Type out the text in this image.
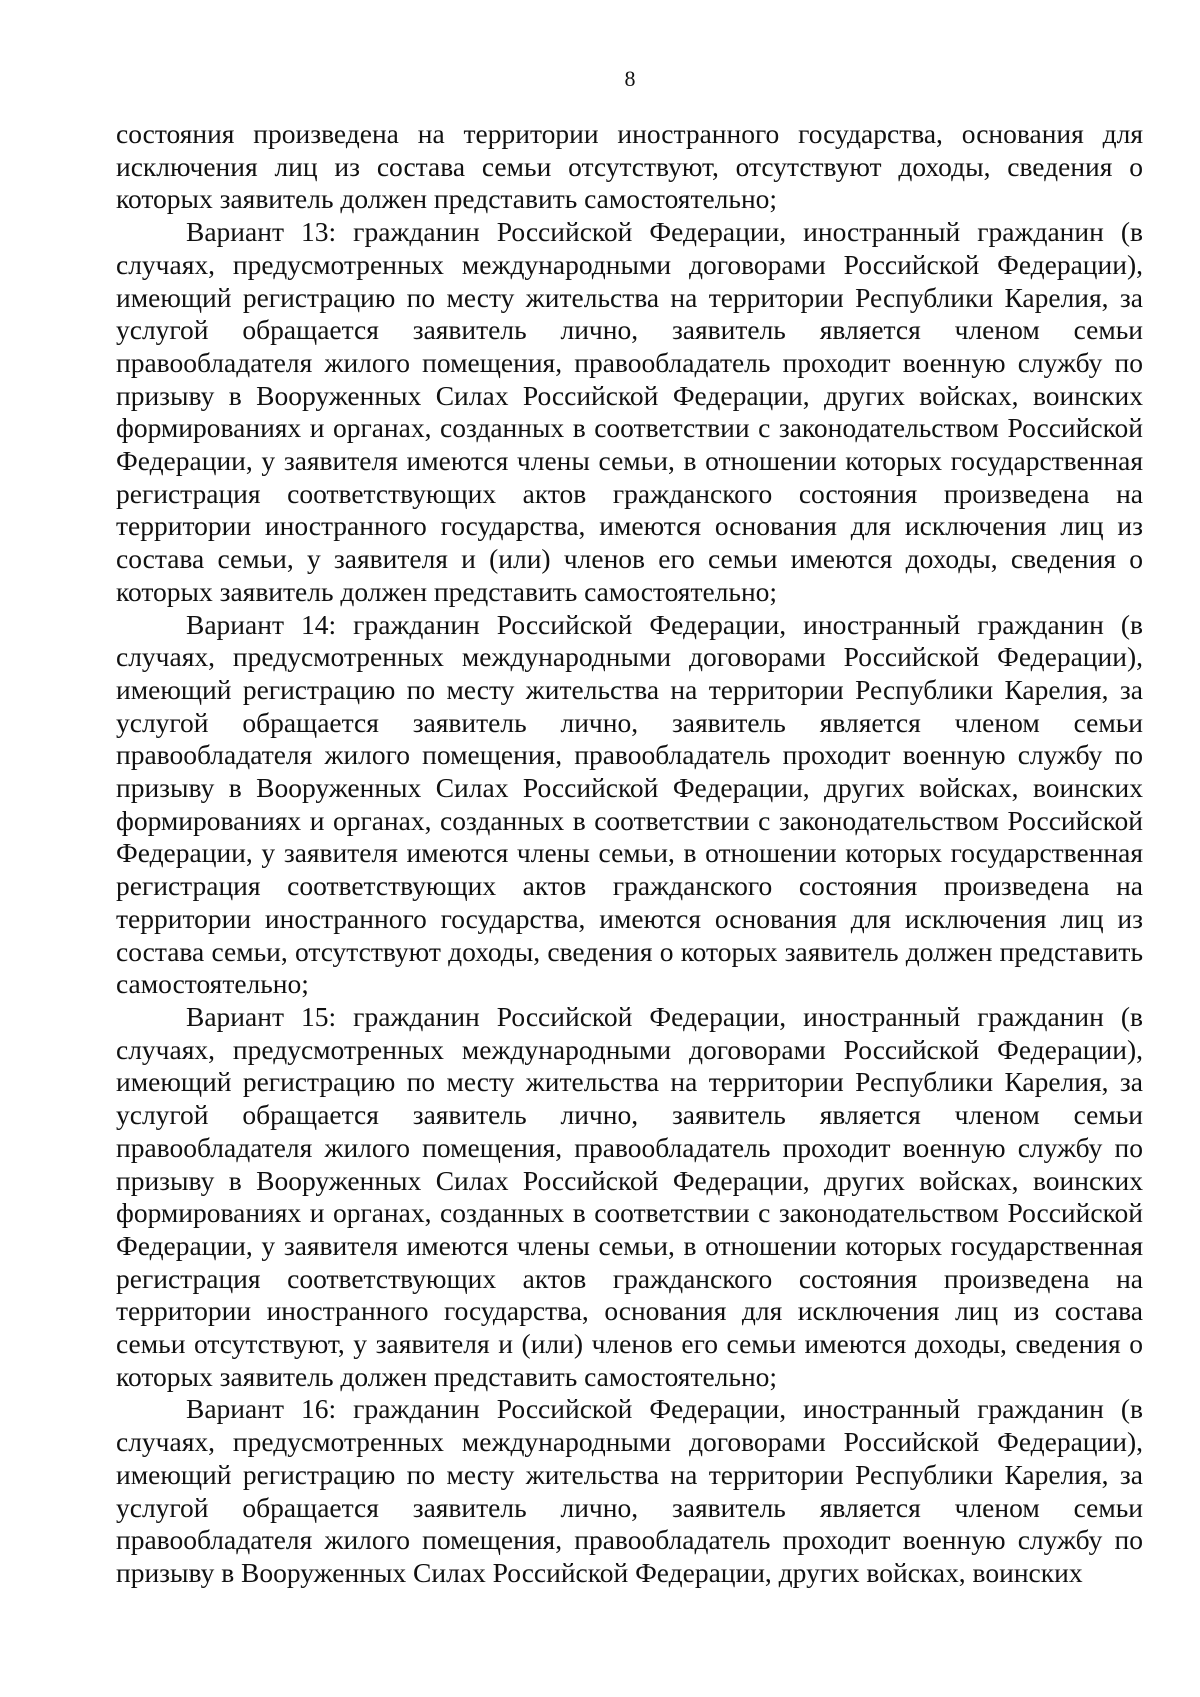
8

состояния произведена на территории иностранного государства, основания для исключения лиц из состава семьи отсутствуют, отсутствуют доходы, сведения о которых заявитель должен представить самостоятельно;

Вариант 13: гражданин Российской Федерации, иностранный гражданин (в случаях, предусмотренных международными договорами Российской Федерации), имеющий регистрацию по месту жительства на территории Республики Карелия, за услугой обращается заявитель лично, заявитель является членом семьи правообладателя жилого помещения, правообладатель проходит военную службу по призыву в Вооруженных Силах Российской Федерации, других войсках, воинских формированиях и органах, созданных в соответствии с законодательством Российской Федерации, у заявителя имеются члены семьи, в отношении которых государственная регистрация соответствующих актов гражданского состояния произведена на территории иностранного государства, имеются основания для исключения лиц из состава семьи, у заявителя и (или) членов его семьи имеются доходы, сведения о которых заявитель должен представить самостоятельно;

Вариант 14: гражданин Российской Федерации, иностранный гражданин (в случаях, предусмотренных международными договорами Российской Федерации), имеющий регистрацию по месту жительства на территории Республики Карелия, за услугой обращается заявитель лично, заявитель является членом семьи правообладателя жилого помещения, правообладатель проходит военную службу по призыву в Вооруженных Силах Российской Федерации, других войсках, воинских формированиях и органах, созданных в соответствии с законодательством Российской Федерации, у заявителя имеются члены семьи, в отношении которых государственная регистрация соответствующих актов гражданского состояния произведена на территории иностранного государства, имеются основания для исключения лиц из состава семьи, отсутствуют доходы, сведения о которых заявитель должен представить самостоятельно;

Вариант 15: гражданин Российской Федерации, иностранный гражданин (в случаях, предусмотренных международными договорами Российской Федерации), имеющий регистрацию по месту жительства на территории Республики Карелия, за услугой обращается заявитель лично, заявитель является членом семьи правообладателя жилого помещения, правообладатель проходит военную службу по призыву в Вооруженных Силах Российской Федерации, других войсках, воинских формированиях и органах, созданных в соответствии с законодательством Российской Федерации, у заявителя имеются члены семьи, в отношении которых государственная регистрация соответствующих актов гражданского состояния произведена на территории иностранного государства, основания для исключения лиц из состава семьи отсутствуют, у заявителя и (или) членов его семьи имеются доходы, сведения о которых заявитель должен представить самостоятельно;

Вариант 16: гражданин Российской Федерации, иностранный гражданин (в случаях, предусмотренных международными договорами Российской Федерации), имеющий регистрацию по месту жительства на территории Республики Карелия, за услугой обращается заявитель лично, заявитель является членом семьи правообладателя жилого помещения, правообладатель проходит военную службу по призыву в Вооруженных Силах Российской Федерации, других войсках, воинских
